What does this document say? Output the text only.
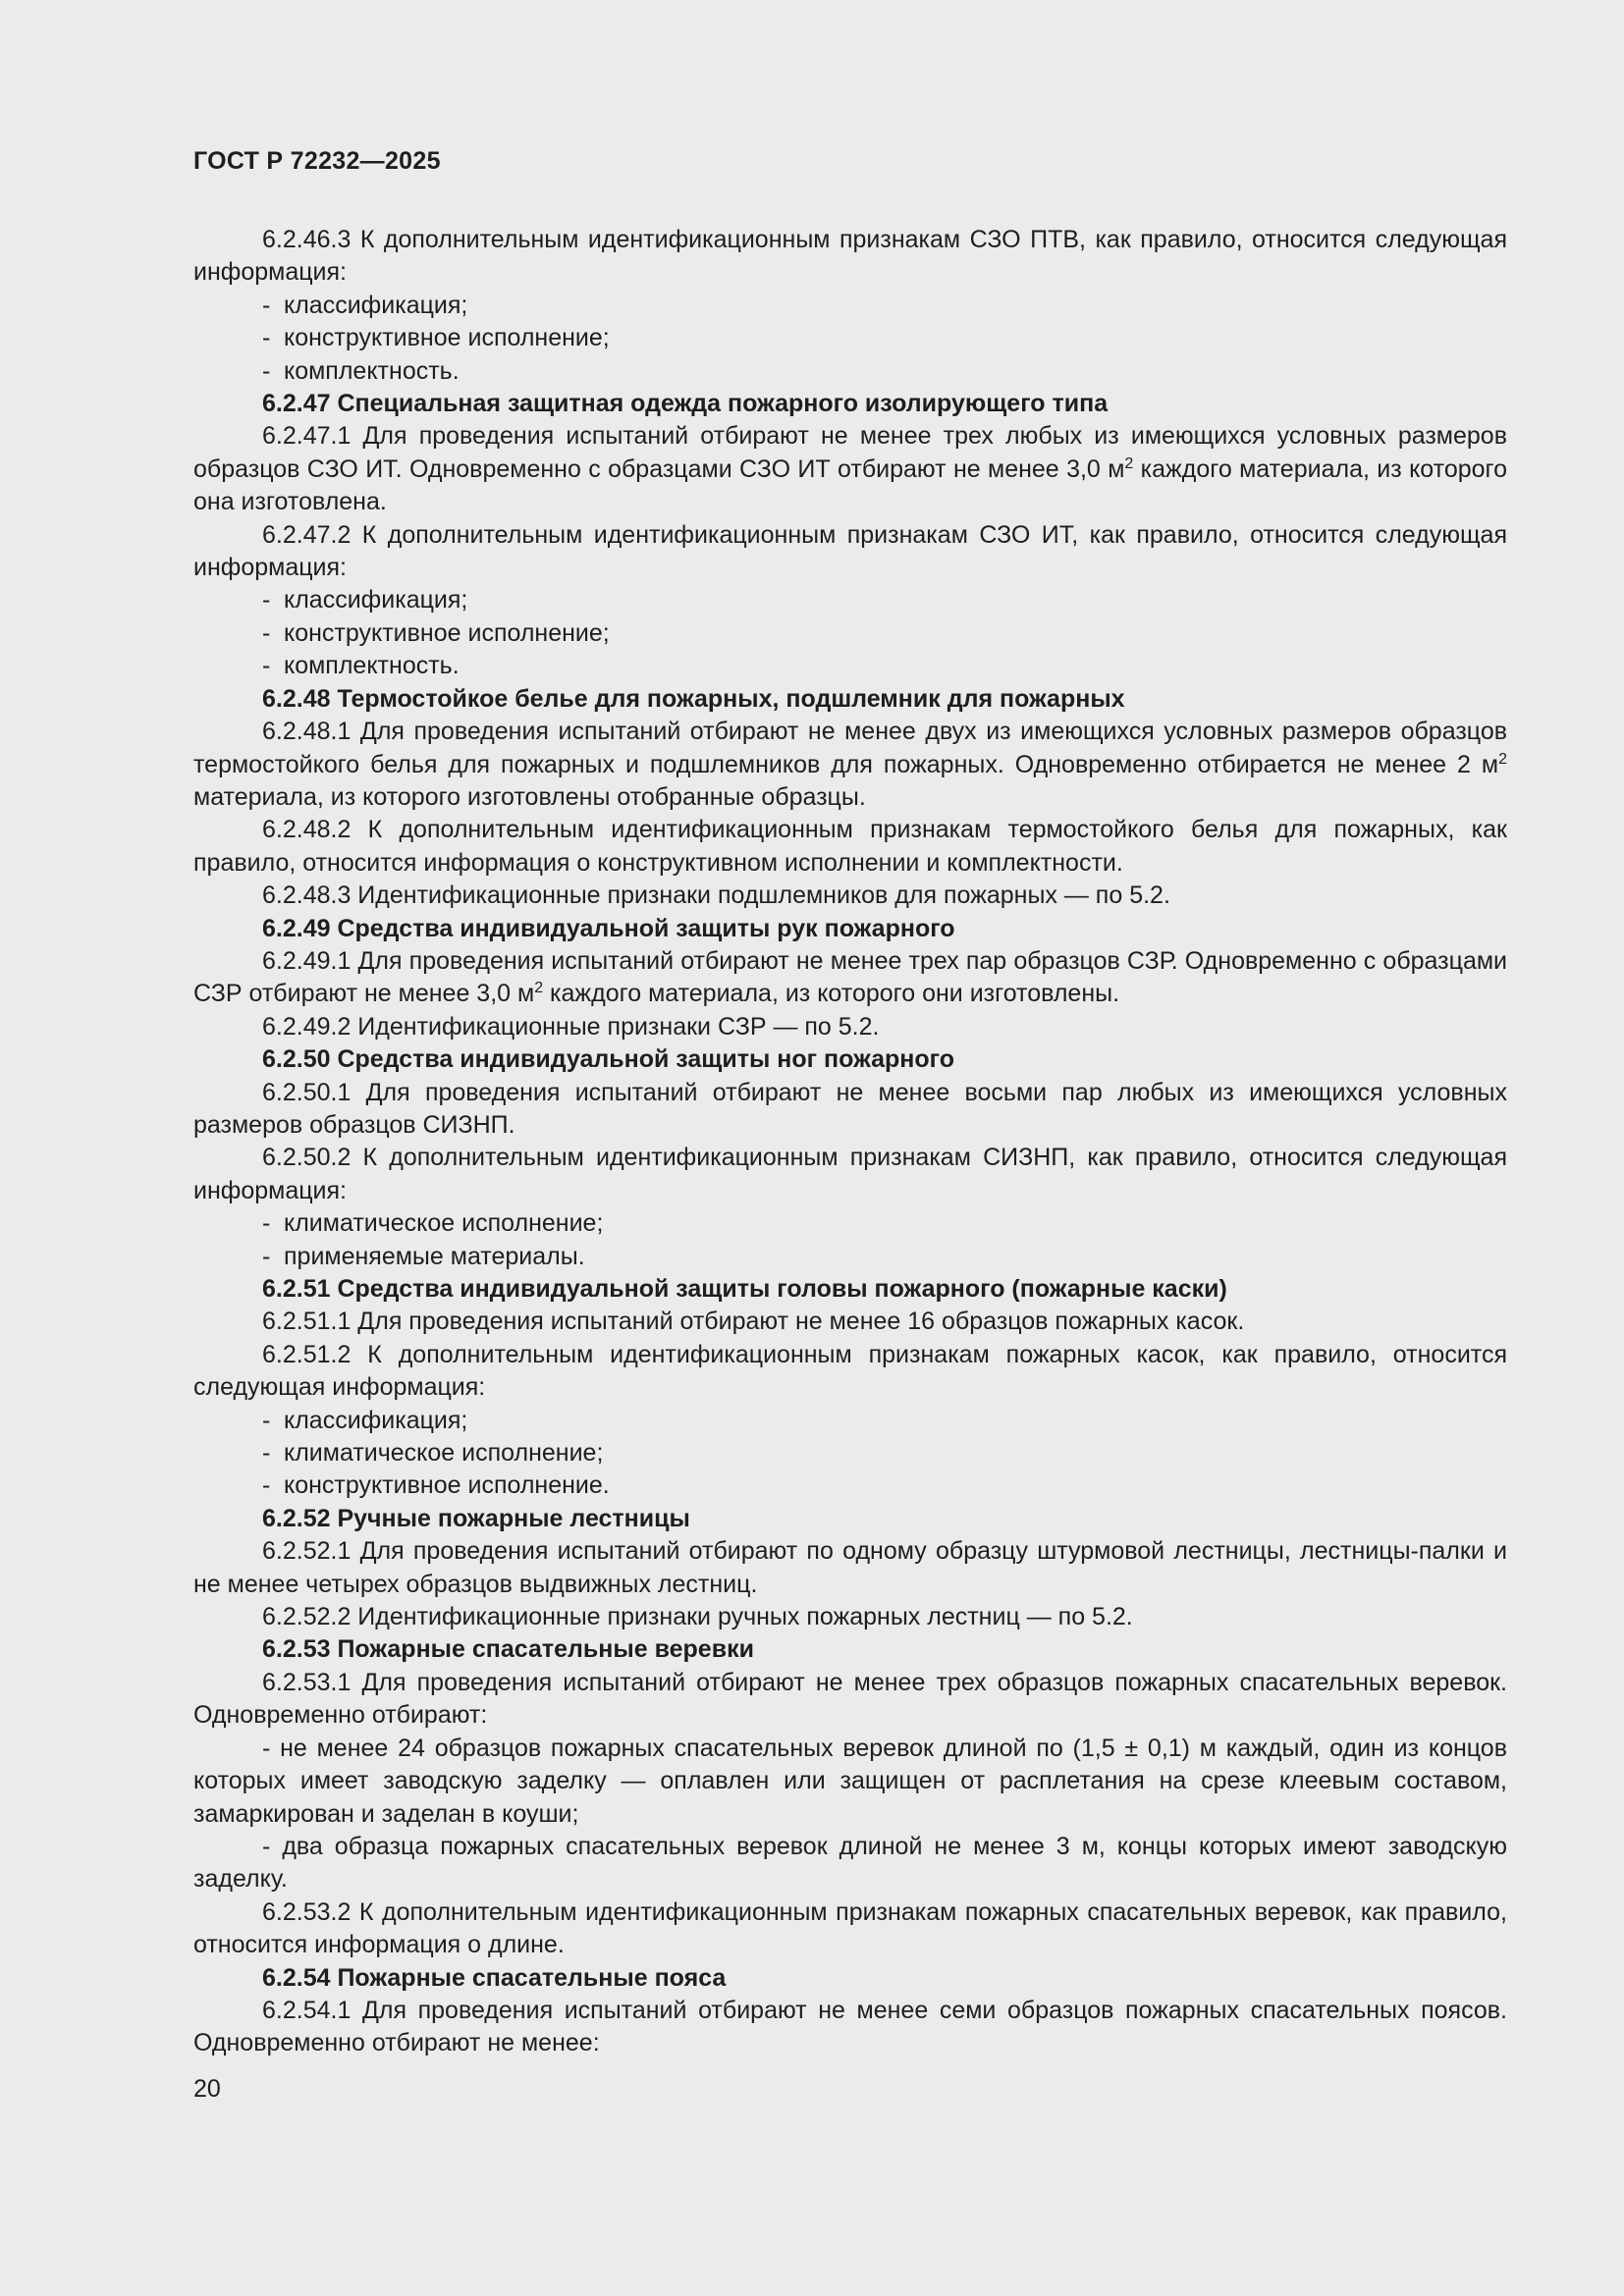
ГОСТ Р 72232—2025

6.2.46.3 К дополнительным идентификационным признакам СЗО ПТВ, как правило, относится следующая информация:

- классификация;

- конструктивное исполнение;

- комплектность.

6.2.47 Специальная защитная одежда пожарного изолирующего типа

6.2.47.1 Для проведения испытаний отбирают не менее трех любых из имеющихся условных размеров образцов СЗО ИТ. Одновременно с образцами СЗО ИТ отбирают не менее 3,0 $м^2$ каждого материала, из которого она изготовлена.

6.2.47.2 К дополнительным идентификационным признакам СЗО ИТ, как правило, относится следующая информация:

- классификация;

- конструктивное исполнение;

- комплектность.

6.2.48 Термостойкое белье для пожарных, подшлемник для пожарных

6.2.48.1 Для проведения испытаний отбирают не менее двух из имеющихся условных размеров образцов термостойкого белья для пожарных и подшлемников для пожарных. Одновременно отбирается не менее 2 $м^2$ материала, из которого изготовлены отобранные образцы.

6.2.48.2 К дополнительным идентификационным признакам термостойкого белья для пожарных, как правило, относится информация о конструктивном исполнении и комплектности.

6.2.48.3 Идентификационные признаки подшлемников для пожарных — по 5.2.

6.2.49 Средства индивидуальной защиты рук пожарного

6.2.49.1 Для проведения испытаний отбирают не менее трех пар образцов СЗР. Одновременно с образцами СЗР отбирают не менее 3,0 $м^2$ каждого материала, из которого они изготовлены.

6.2.49.2 Идентификационные признаки СЗР — по 5.2.

6.2.50 Средства индивидуальной защиты ног пожарного

6.2.50.1 Для проведения испытаний отбирают не менее восьми пар любых из имеющихся условных размеров образцов СИЗНП.

6.2.50.2 К дополнительным идентификационным признакам СИЗНП, как правило, относится следующая информация:

- климатическое исполнение;

- применяемые материалы.

6.2.51 Средства индивидуальной защиты головы пожарного (пожарные каски)

6.2.51.1 Для проведения испытаний отбирают не менее 16 образцов пожарных касок.

6.2.51.2 К дополнительным идентификационным признакам пожарных касок, как правило, относится следующая информация:

- классификация;

- климатическое исполнение;

- конструктивное исполнение.

6.2.52 Ручные пожарные лестницы

6.2.52.1 Для проведения испытаний отбирают по одному образцу штурмовой лестницы, лестницы-палки и не менее четырех образцов выдвижных лестниц.

6.2.52.2 Идентификационные признаки ручных пожарных лестниц — по 5.2.

6.2.53 Пожарные спасательные веревки

6.2.53.1 Для проведения испытаний отбирают не менее трех образцов пожарных спасательных веревок. Одновременно отбирают:

- не менее 24 образцов пожарных спасательных веревок длиной по (1,5 ± 0,1) м каждый, один из концов которых имеет заводскую заделку — оплавлен или защищен от расплетания на срезе клеевым составом, замаркирован и заделан в коуши;

- два образца пожарных спасательных веревок длиной не менее 3 м, концы которых имеют заводскую заделку.

6.2.53.2 К дополнительным идентификационным признакам пожарных спасательных веревок, как правило, относится информация о длине.

6.2.54 Пожарные спасательные пояса

6.2.54.1 Для проведения испытаний отбирают не менее семи образцов пожарных спасательных поясов. Одновременно отбирают не менее:

20
